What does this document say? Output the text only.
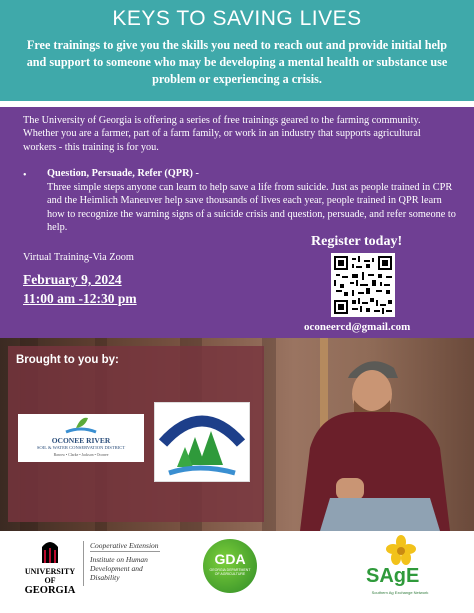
KEYS TO SAVING LIVES
Free trainings to give you the skills you need to reach out and provide initial help and support to someone who may be developing a mental health or substance use problem or experiencing a crisis.
The University of Georgia is offering a series of free trainings geared to the farming community. Whether you are a farmer, part of a farm family, or work in an industry that supports agricultural workers - this training is for you.
• Question, Persuade, Refer (QPR) -
Three simple steps anyone can learn to help save a life from suicide. Just as people trained in CPR and the Heimlich Maneuver help save thousands of lives each year, people trained in QPR learn how to recognize the warning signs of a suicide crisis and question, persuade, and refer someone to help.
Virtual Training-Via Zoom
February 9, 2024
11:00 am -12:30 pm
Register today!
oconeercd@gmail.com
Brought to you by:
OCONEE RIVER
SOIL & WATER CONSERVATION DISTRICT
Barrow • Clarke • Jackson • Oconee
UNIVERSITY OF
GEORGIA
Cooperative Extension
Institute on Human Development and Disability
GDA
GEORGIA DEPARTMENT OF AGRICULTURE	SAgE
Southern Ag Exchange Network
